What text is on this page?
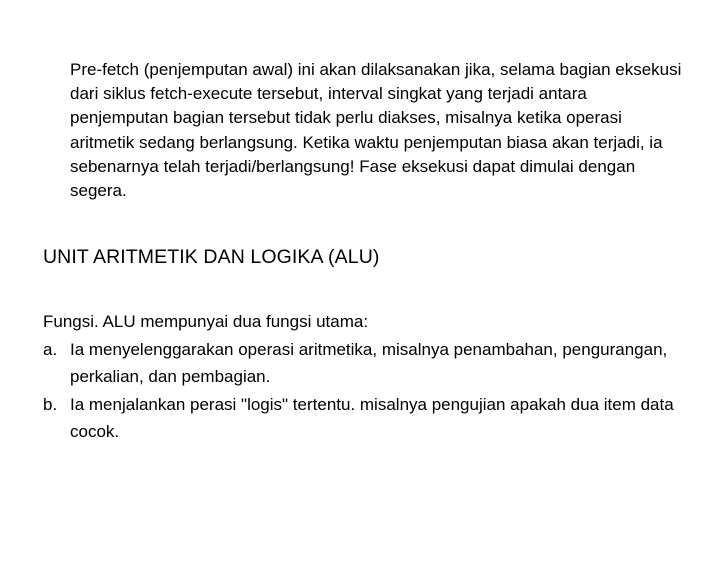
Pre-fetch (penjemputan awal) ini akan dilaksanakan jika, selama bagian eksekusi dari siklus fetch-execute tersebut, interval singkat yang terjadi antara penjemputan bagian tersebut tidak perlu diakses, misalnya ketika operasi aritmetik sedang berlangsung. Ketika waktu penjemputan biasa akan terjadi, ia sebenarnya telah terjadi/berlangsung! Fase eksekusi dapat dimulai dengan segera.

UNIT ARITMETIK DAN LOGIKA (ALU)
Fungsi. ALU mempunyai dua fungsi utama:
a. Ia menyelenggarakan operasi aritmetika, misalnya penambahan, pengurangan, perkalian, dan pembagian.
b. Ia menjalankan perasi "logis" tertentu. misalnya pengujian apakah dua item data cocok.
